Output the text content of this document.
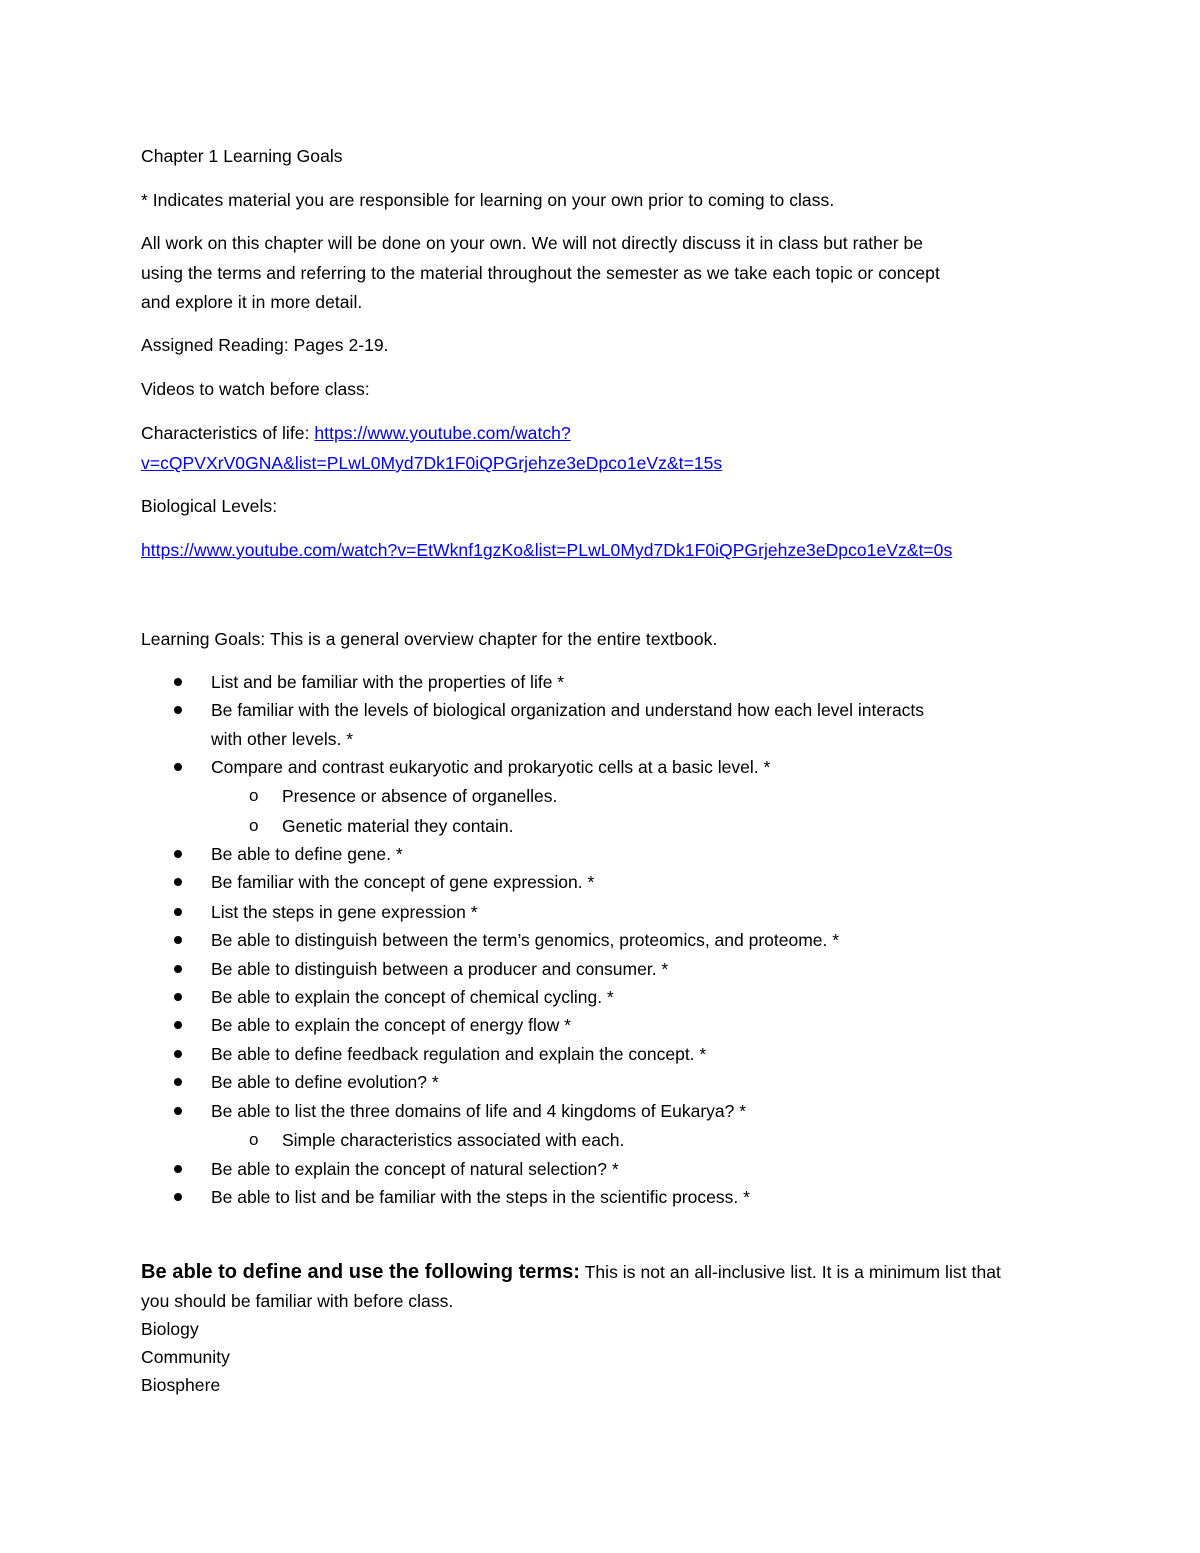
Chapter 1 Learning Goals
* Indicates material you are responsible for learning on your own prior to coming to class.
All work on this chapter will be done on your own. We will not directly discuss it in class but rather be
using the terms and referring to the material throughout the semester as we take each topic or concept
and explore it in more detail.
Assigned Reading: Pages 2-19.
Videos to watch before class:
Characteristics of life: https://www.youtube.com/watch?
v=cQPVXrV0GNA&list=PLwL0Myd7Dk1F0iQPGrjehze3eDpco1eVz&t=15s
Biological Levels:
https://www.youtube.com/watch?v=EtWknf1gzKo&list=PLwL0Myd7Dk1F0iQPGrjehze3eDpco1eVz&t=0s
Learning Goals: This is a general overview chapter for the entire textbook.
List and be familiar with the properties of life *
Be familiar with the levels of biological organization and understand how each level interacts
with other levels. *
Compare and contrast eukaryotic and prokaryotic cells at a basic level. *
o Presence or absence of organelles.
o Genetic material they contain.
Be able to define gene. *
Be familiar with the concept of gene expression. *
List the steps in gene expression *
Be able to distinguish between the term’s genomics, proteomics, and proteome. *
Be able to distinguish between a producer and consumer. *
Be able to explain the concept of chemical cycling. *
Be able to explain the concept of energy flow *
Be able to define feedback regulation and explain the concept. *
Be able to define evolution? *
Be able to list the three domains of life and 4 kingdoms of Eukarya? *
o Simple characteristics associated with each.
Be able to explain the concept of natural selection? *
Be able to list and be familiar with the steps in the scientific process. *
Be able to define and use the following terms: This is not an all-inclusive list. It is a minimum list that
you should be familiar with before class.
Biology
Community
Biosphere
